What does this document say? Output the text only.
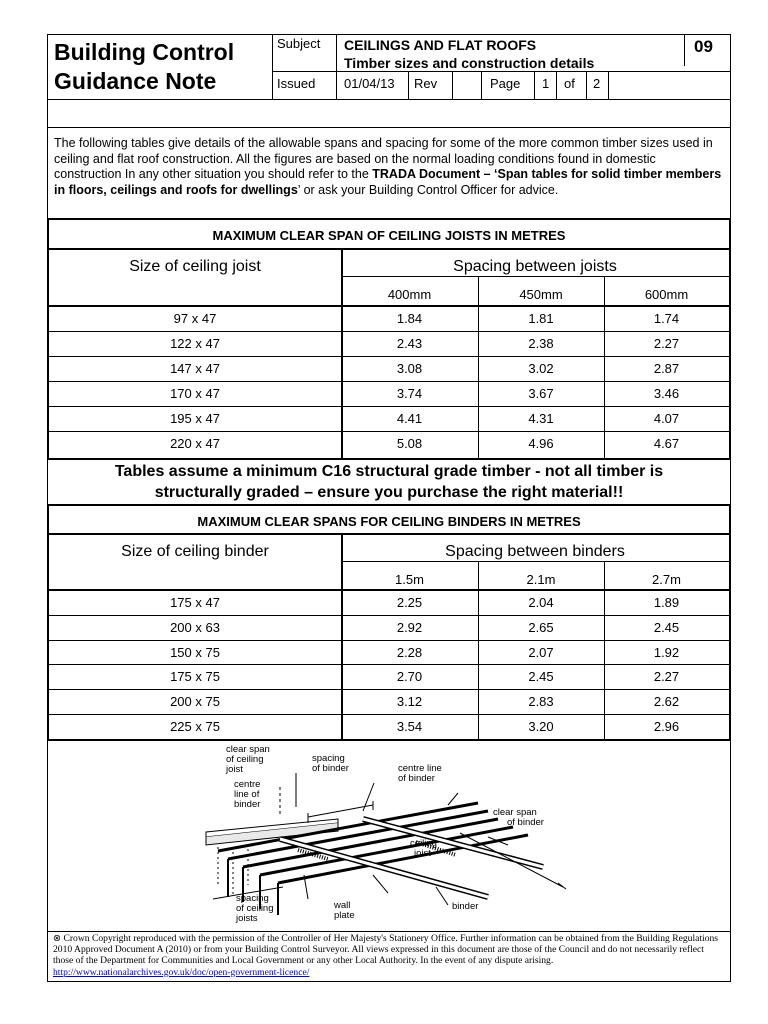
Building Control
Guidance Note
Subject CEILINGS AND FLAT ROOFS
Timber sizes and construction details
09
Issued 01/04/13 Rev	Page 1 of 2
The following tables give details of the allowable spans and spacing for some of the more common timber sizes used in ceiling and flat roof construction. All the figures are based on the normal loading conditions found in domestic construction In any other situation you should refer to the TRADA Document – ‘Span tables for solid timber members in floors, ceilings and roofs for dwellings’ or ask your Building Control Officer for advice.
MAXIMUM CLEAR SPAN OF CEILING JOISTS IN METRES
Size of ceiling joist	Spacing between joists
400mm	450mm	600mm
97 x 47	1.84	1.81	1.74
122 x 47	2.43	2.38	2.27
147 x 47	3.08	3.02	2.87
170 x 47	3.74	3.67	3.46
195 x 47	4.41	4.31	4.07
220 x 47	5.08	4.96	4.67
Tables assume a minimum C16 structural grade timber - not all timber is
structurally graded – ensure you purchase the right material!!
MAXIMUM CLEAR SPANS FOR CEILING BINDERS IN METRES
Size of ceiling binder	Spacing between binders
1.5m	2.1m	2.7m
175 x 47	2.25	2.04	1.89
200 x 63	2.92	2.65	2.45
150 x 75	2.28	2.07	1.92
175 x 75	2.70	2.45	2.27
200 x 75	3.12	2.83	2.62
225 x 75	3.54	3.20	2.96
clear span
of ceiling
joist
spacing
of binder	centre line
of binder
centre
line of
binder
clear span
of binder
ceiling
joist
spacing
of ceiling
joists
wall
plate
binder
⊗ Crown Copyright reproduced with the permission of the Controller of Her Majesty's Stationery Office. Further information can be obtained from the Building Regulations 2010 Approved Document A (2010) or from your Building Control Surveyor. All views expressed in this document are those of the Council and do not necessarily reflect those of the Department for Communities and Local Government or any other Local Authority. In the event of any dispute arising.
http://www.nationalarchives.gov.uk/doc/open-government-licence/
